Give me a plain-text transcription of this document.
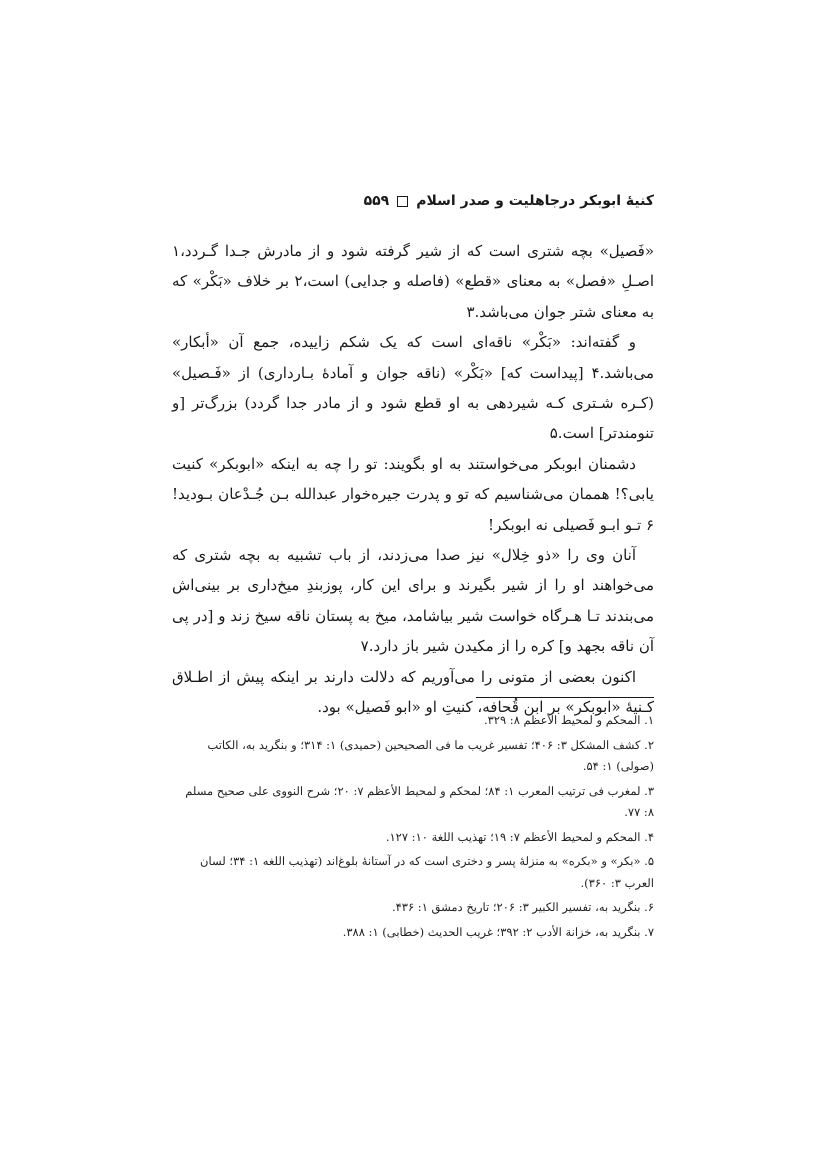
کنیهٔ ابوبکر درجاهلیت و صدر اسلام
۵۵۹

«فَصیل» بچه شتری است که از شیر گرفته شود و از مادرش جـدا گـردد،۱ اصـلِ «فصل» به معنای «قطع» (فاصله و جدایی) است،۲ بر خلاف «بَکْر» که به معنای شتر جوان می‌باشد.۳

و گفته‌اند: «بَکْر» ناقه‌ای است که یک شکم زاییده، جمع آن «أبکار» می‌باشد.۴ [پیداست که] «بَکْر» (ناقه جوان و آمادهٔ بـارداری) از «فَـصیل» (کـره شـتری کـه شیردهی به او قطع شود و از مادر جدا گردد) بزرگ‌تر [و تنومندتر] است.۵

دشمنان ابوبکر می‌خواستند به او بگویند: تو را چه به اینکه «ابوبکر» کنیت یابی؟! هممان می‌شناسیم که تو و پدرت جیره‌خوار عبدالله بـن جُـدْعان بـودید!۶ تـو ابـو فَصیلی نه ابوبکر!

آنان وی را «ذو خِلال» نیز صدا می‌زدند، از باب تشبیه به بچه شتری که می‌خواهند او را از شیر بگیرند و برای این کار، پوزبندِ میخ‌داری بر بینی‌اش می‌بندند تـا هـرگاه خواست شیر بیاشامد، میخ به پستان ناقه سیخ زند و [در پی آن ناقه بجهد و] کره را از مکیدن شیر باز دارد.۷

اکنون بعضی از متونی را می‌آوریم که دلالت دارند بر اینکه پیش از اطـلاق کـنیهٔ «ابوبکر» بر ابن قُحافه، کنیتِ او «ابو فَصیل» بود.

۱. المحکم و لمحیط الأعظم ۸: ۳۲۹.

۲. کشف المشکل ۳: ۴۰۶؛ تفسیر غریب ما فی الصحیحین (حمیدی) ۱: ۳۱۴؛ و بنگرید به، الکاتب (صولی) ۱: ۵۴.

۳. لمغرب فی ترتیب المعرب ۱: ۸۴؛ لمحکم و لمحیط الأعظم ۷: ۲۰؛ شرح النووی علی صحیح مسلم ۸: ۷۷.

۴. المحکم و لمحیط الأعظم ۷: ۱۹؛ تهذیب اللغة ۱۰: ۱۲۷.

۵. «بکر» و «بکره» به منزلهٔ پسر و دختری است که در آستانهٔ بلوغ‌اند (تهذیب اللغه ۱: ۳۴؛ لسان العرب ۳: ۳۶۰).

۶. بنگرید به، تفسیر الکبیر ۳: ۲۰۶؛ تاریخ دمشق ۱: ۴۳۶.

۷. بنگرید به، خزانة الأدب ۲: ۳۹۲؛ غریب الحدیث (خطابی) ۱: ۳۸۸.
